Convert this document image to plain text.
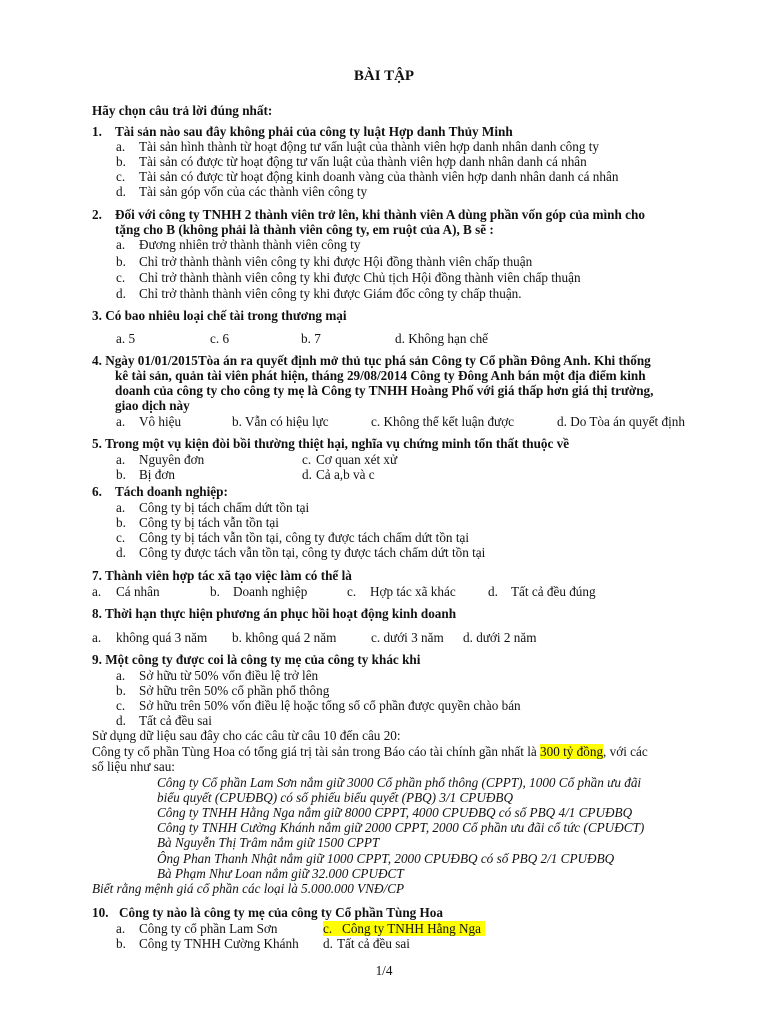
BÀI TẬP
Hãy chọn câu trả lời đúng nhất:
1. Tài sản nào sau đây không phải của công ty luật Hợp danh Thủy Minh
a. Tài sản hình thành từ hoạt động tư vấn luật của thành viên hợp danh nhân danh công ty
b. Tài sản có được từ hoạt động tư vấn luật của thành viên hợp danh nhân danh cá nhân
c. Tài sản có được từ hoạt động kinh doanh vàng của thành viên hợp danh nhân danh cá nhân
d. Tài sản góp vốn của các thành viên công ty
2. Đối với công ty TNHH 2 thành viên trở lên, khi thành viên A dùng phần vốn góp của mình cho
tặng cho B (không phải là thành viên công ty, em ruột của A), B sẽ :
a. Đương nhiên trở thành thành viên công ty
b. Chỉ trở thành thành viên công ty khi được Hội đồng thành viên chấp thuận
c. Chỉ trở thành thành viên công ty khi được Chủ tịch Hội đồng thành viên chấp thuận
d. Chỉ trở thành thành viên công ty khi được Giám đốc công ty chấp thuận.
3. Có bao nhiêu loại chế tài trong thương mại
a. 5	c. 6	b. 7	d. Không hạn chế
4. Ngày 01/01/2015Tòa án ra quyết định mở thủ tục phá sản Công ty Cổ phần Đông Anh. Khi thống
kê tài sản, quản tài viên phát hiện, tháng 29/08/2014 Công ty Đông Anh bán một địa điểm kinh
doanh của công ty cho công ty mẹ là Công ty TNHH Hoàng Phố với giá thấp hơn giá thị trường,
giao dịch này
a. Vô hiệu	b. Vẫn có hiệu lực	c. Không thể kết luận được	d. Do Tòa án quyết định
5. Trong một vụ kiện đòi bồi thường thiệt hại, nghĩa vụ chứng minh tổn thất thuộc về
a. Nguyên đơn	c. Cơ quan xét xử
b. Bị đơn	d. Cả a,b và c
6. Tách doanh nghiệp:
a. Công ty bị tách chấm dứt tồn tại
b. Công ty bị tách vẫn tồn tại
c. Công ty bị tách vẫn tồn tại, công ty được tách chấm dứt tồn tại
d. Công ty được tách vẫn tồn tại, công ty được tách chấm dứt tồn tại
7. Thành viên hợp tác xã tạo việc làm có thể là
a. Cá nhân	b. Doanh nghiệp	c. Hợp tác xã khác d. Tất cả đều đúng
8. Thời hạn thực hiện phương án phục hồi hoạt động kinh doanh
a. không quá 3 năm b. không quá 2 năm	c. dưới 3 năm d. dưới 2 năm
9. Một công ty được coi là công ty mẹ của công ty khác khi
a. Sở hữu từ 50% vốn điều lệ trở lên
b. Sở hữu trên 50% cổ phần phổ thông
c. Sở hữu trên 50% vốn điều lệ hoặc tổng số cổ phần được quyền chào bán
d. Tất cả đều sai
Sử dụng dữ liệu sau đây cho các câu từ câu 10 đến câu 20:
Công ty cổ phần Tùng Hoa có tổng giá trị tài sản trong Báo cáo tài chính gần nhất là 300 tỷ đồng, với các
số liệu như sau:
Công ty Cổ phần Lam Sơn nắm giữ 3000 Cổ phần phổ thông (CPPT), 1000 Cổ phần ưu đãi
biểu quyết (CPUĐBQ) có số phiếu biểu quyết (PBQ) 3/1 CPUĐBQ
Công ty TNHH Hằng Nga nắm giữ 8000 CPPT, 4000 CPUĐBQ có số PBQ 4/1 CPUĐBQ
Công ty TNHH Cường Khánh nắm giữ 2000 CPPT, 2000 Cổ phần ưu đãi cổ tức (CPUĐCT)
Bà Nguyễn Thị Trâm nắm giữ 1500 CPPT
Ông Phan Thanh Nhật nắm giữ 1000 CPPT, 2000 CPUĐBQ có số PBQ 2/1 CPUĐBQ
Bà Phạm Như Loan nắm giữ 32.000 CPUĐCT
Biết rằng mệnh giá cổ phần các loại là 5.000.000 VNĐ/CP
10. Công ty nào là công ty mẹ của công ty Cổ phần Tùng Hoa
a. Công ty cổ phần Lam Sơn	c. Công ty TNHH Hằng Nga
b. Công ty TNHH Cường Khánh d. Tất cả đều sai
1/4
